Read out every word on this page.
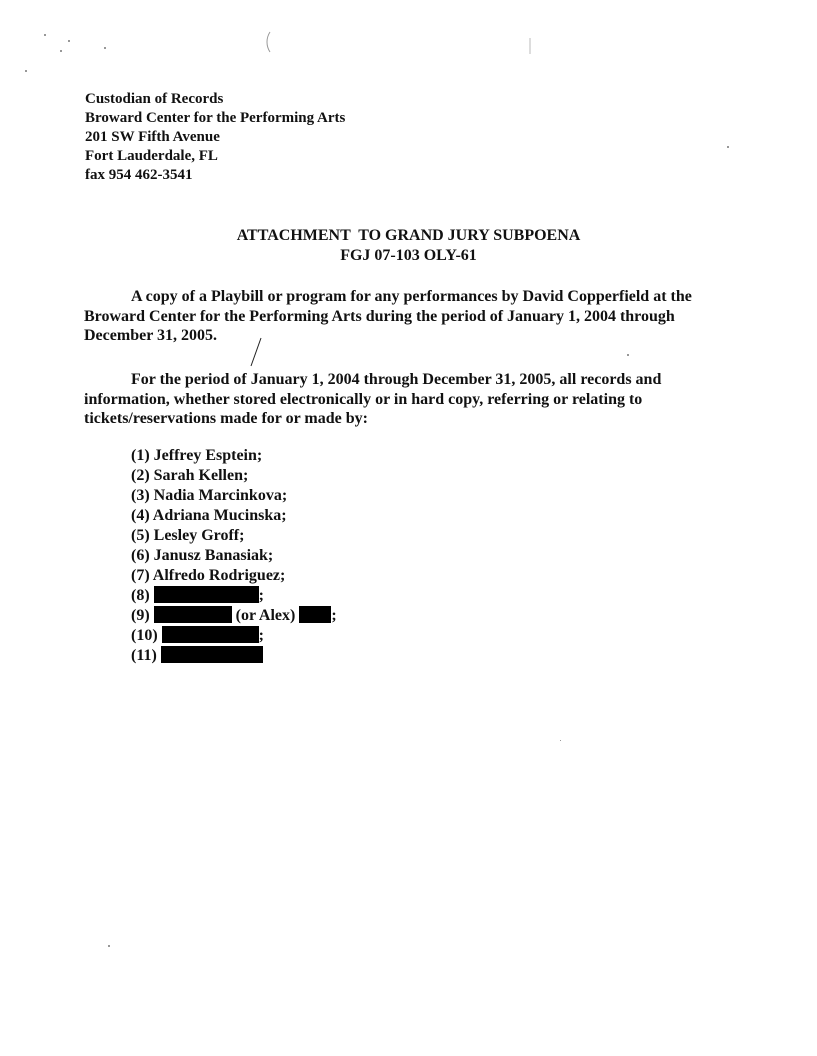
Custodian of Records
Broward Center for the Performing Arts
201 SW Fifth Avenue
Fort Lauderdale, FL
fax 954 462-3541
ATTACHMENT  TO GRAND JURY SUBPOENA
FGJ 07-103 OLY-61
A copy of a Playbill or program for any performances by David Copperfield at the Broward Center for the Performing Arts during the period of January 1, 2004 through December 31, 2005.
For the period of January 1, 2004 through December 31, 2005, all records and information, whether stored electronically or in hard copy, referring or relating to tickets/reservations made for or made by:
(1) Jeffrey Esptein;
(2) Sarah Kellen;
(3) Nadia Marcinkova;
(4) Adriana Mucinska;
(5) Lesley Groff;
(6) Janusz Banasiak;
(7) Alfredo Rodriguez;
(8)	;
(9)	(or Alex) ;
(10)	;
(11)
